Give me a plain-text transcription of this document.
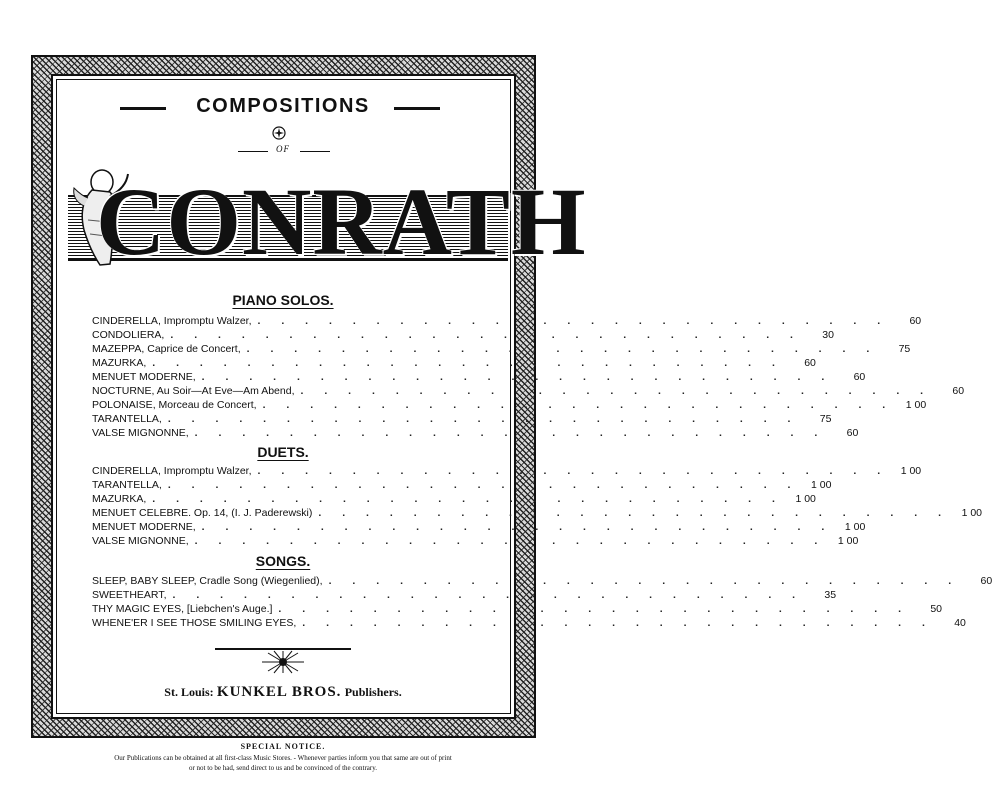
COMPOSITIONS
OF
CONRATH
PIANO SOLOS.
CINDERELLA, Impromptu Walzer, . . . . . . . . . . . . . . . . . . . . . . . . . . .	60
CONDOLIERA, . . . . . . . . . . . . . . . . . . . . . . . . . . .	30
MAZEPPA, Caprice de Concert, . . . . . . . . . . . . . . . . . . . . . . . . . . .	75
MAZURKA, . . . . . . . . . . . . . . . . . . . . . . . . . . .	60
MENUET MODERNE, . . . . . . . . . . . . . . . . . . . . . . . . . . .	60
NOCTURNE, Au Soir—At Eve—Am Abend, . . . . . . . . . . . . . . . . . . . . . . . . . . .	60
POLONAISE, Morceau de Concert, . . . . . . . . . . . . . . . . . . . . . . . . . . .	1 00
TARANTELLA, . . . . . . . . . . . . . . . . . . . . . . . . . . .	75
VALSE MIGNONNE, . . . . . . . . . . . . . . . . . . . . . . . . . . .	60
DUETS.
CINDERELLA, Impromptu Walzer, . . . . . . . . . . . . . . . . . . . . . . . . . . .	1 00
TARANTELLA, . . . . . . . . . . . . . . . . . . . . . . . . . . .	1 00
MAZURKA, . . . . . . . . . . . . . . . . . . . . . . . . . . .	1 00
MENUET CELEBRE. Op. 14, (I. J. Paderewski) . . . . . . . . . . . . . . . . . . . . . . . . . . .	1 00
MENUET MODERNE, . . . . . . . . . . . . . . . . . . . . . . . . . . .	1 00
VALSE MIGNONNE, . . . . . . . . . . . . . . . . . . . . . . . . . . .	1 00
SONGS.
SLEEP, BABY SLEEP, Cradle Song (Wiegenlied), . . . . . . . . . . . . . . . . . . . . . . . . . . .	60
SWEETHEART, . . . . . . . . . . . . . . . . . . . . . . . . . . .	35
THY MAGIC EYES, [Liebchen's Auge.] . . . . . . . . . . . . . . . . . . . . . . . . . . .	50
WHENE'ER I SEE THOSE SMILING EYES, . . . . . . . . . . . . . . . . . . . . . . . . . . .	40
St. Louis: KUNKEL BROS. Publishers.
SPECIAL NOTICE.
Our Publications can be obtained at all first-class Music Stores. - Whenever parties inform you that same are out of print
or not to be had, send direct to us and be convinced of the contrary.
